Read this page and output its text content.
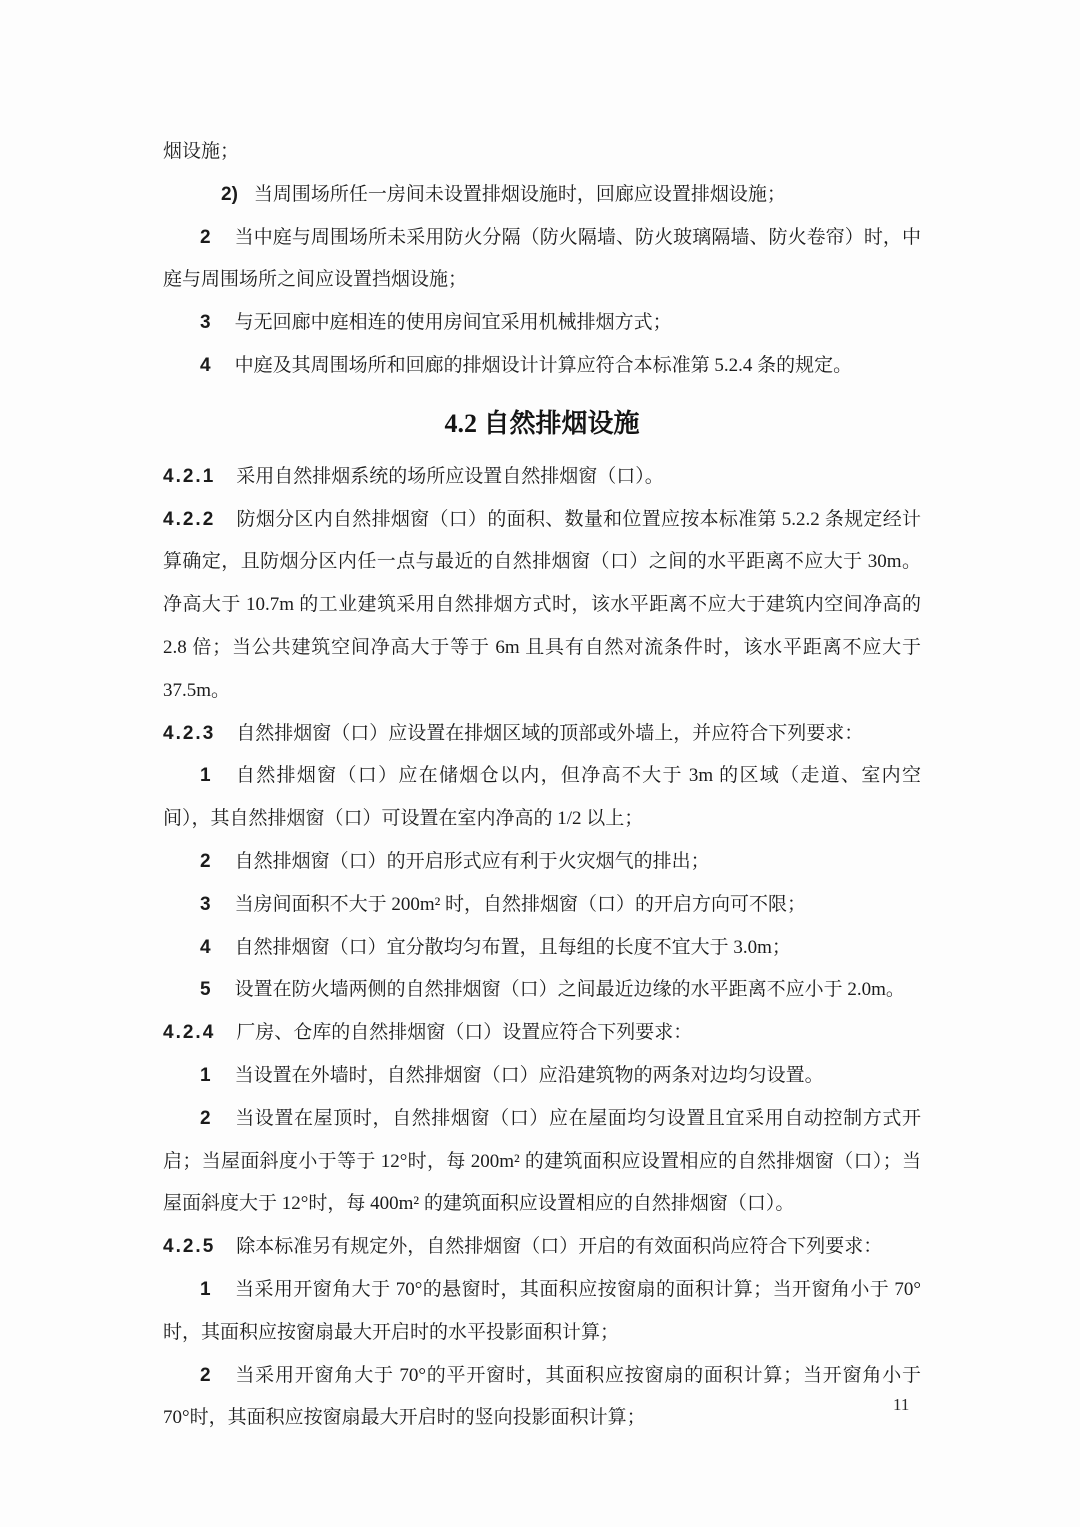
烟设施；

2) 当周围场所任一房间未设置排烟设施时，回廊应设置排烟设施；

2 当中庭与周围场所未采用防火分隔（防火隔墙、防火玻璃隔墙、防火卷帘）时，中庭与周围场所之间应设置挡烟设施；

3 与无回廊中庭相连的使用房间宜采用机械排烟方式；

4 中庭及其周围场所和回廊的排烟设计计算应符合本标准第 5.2.4 条的规定。

4.2 自然排烟设施

4.2.1 采用自然排烟系统的场所应设置自然排烟窗（口）。

4.2.2 防烟分区内自然排烟窗（口）的面积、数量和位置应按本标准第 5.2.2 条规定经计算确定，且防烟分区内任一点与最近的自然排烟窗（口）之间的水平距离不应大于 30m。净高大于 10.7m 的工业建筑采用自然排烟方式时，该水平距离不应大于建筑内空间净高的 2.8 倍；当公共建筑空间净高大于等于 6m 且具有自然对流条件时，该水平距离不应大于 37.5m。

4.2.3 自然排烟窗（口）应设置在排烟区域的顶部或外墙上，并应符合下列要求：

1 自然排烟窗（口）应在储烟仓以内，但净高不大于 3m 的区域（走道、室内空间），其自然排烟窗（口）可设置在室内净高的 1/2 以上；

2 自然排烟窗（口）的开启形式应有利于火灾烟气的排出；

3 当房间面积不大于 200m² 时，自然排烟窗（口）的开启方向可不限；

4 自然排烟窗（口）宜分散均匀布置，且每组的长度不宜大于 3.0m；

5 设置在防火墙两侧的自然排烟窗（口）之间最近边缘的水平距离不应小于 2.0m。

4.2.4 厂房、仓库的自然排烟窗（口）设置应符合下列要求：

1 当设置在外墙时，自然排烟窗（口）应沿建筑物的两条对边均匀设置。

2 当设置在屋顶时，自然排烟窗（口）应在屋面均匀设置且宜采用自动控制方式开启；当屋面斜度小于等于 12°时，每 200m² 的建筑面积应设置相应的自然排烟窗（口）；当屋面斜度大于 12°时，每 400m² 的建筑面积应设置相应的自然排烟窗（口）。

4.2.5 除本标准另有规定外，自然排烟窗（口）开启的有效面积尚应符合下列要求：

1 当采用开窗角大于 70°的悬窗时，其面积应按窗扇的面积计算；当开窗角小于 70°时，其面积应按窗扇最大开启时的水平投影面积计算；

2 当采用开窗角大于 70°的平开窗时，其面积应按窗扇的面积计算；当开窗角小于 70°时，其面积应按窗扇最大开启时的竖向投影面积计算；

11
